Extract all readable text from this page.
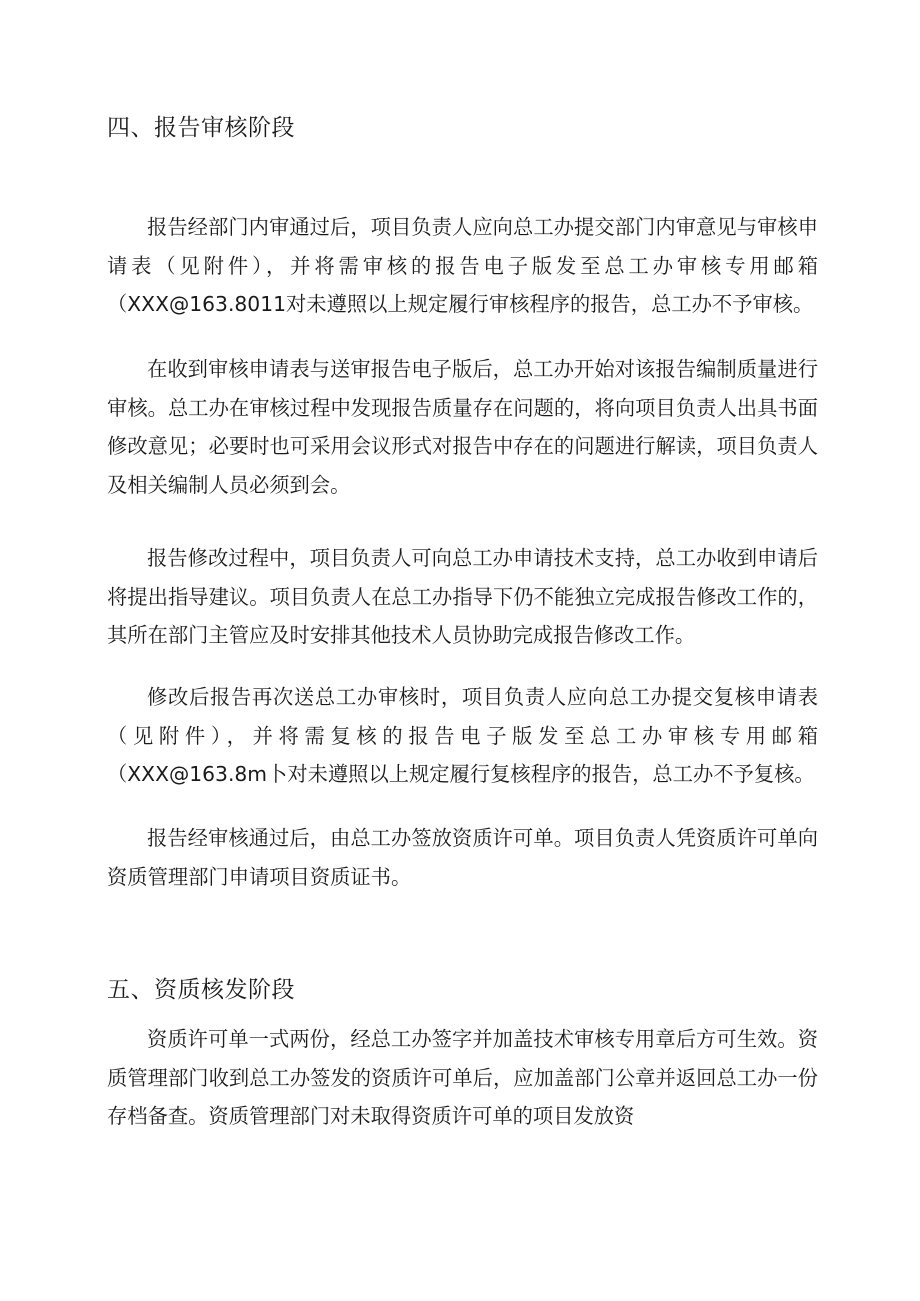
四、报告审核阶段

报告经部门内审通过后，项目负责人应向总工办提交部门内审意见与审核申请表（见附件），并将需审核的报告电子版发至总工办审核专用邮箱（XXX@163.8011对未遵照以上规定履行审核程序的报告，总工办不予审核。

在收到审核申请表与送审报告电子版后，总工办开始对该报告编制质量进行审核。总工办在审核过程中发现报告质量存在问题的，将向项目负责人出具书面修改意见；必要时也可采用会议形式对报告中存在的问题进行解读，项目负责人及相关编制人员必须到会。

报告修改过程中，项目负责人可向总工办申请技术支持，总工办收到申请后将提出指导建议。项目负责人在总工办指导下仍不能独立完成报告修改工作的，其所在部门主管应及时安排其他技术人员协助完成报告修改工作。

修改后报告再次送总工办审核时，项目负责人应向总工办提交复核申请表（见附件），并将需复核的报告电子版发至总工办审核专用邮箱（XXX@163.8m卜对未遵照以上规定履行复核程序的报告，总工办不予复核。

报告经审核通过后，由总工办签放资质许可单。项目负责人凭资质许可单向资质管理部门申请项目资质证书。

五、资质核发阶段

资质许可单一式两份，经总工办签字并加盖技术审核专用章后方可生效。资质管理部门收到总工办签发的资质许可单后，应加盖部门公章并返回总工办一份存档备查。资质管理部门对未取得资质许可单的项目发放资
